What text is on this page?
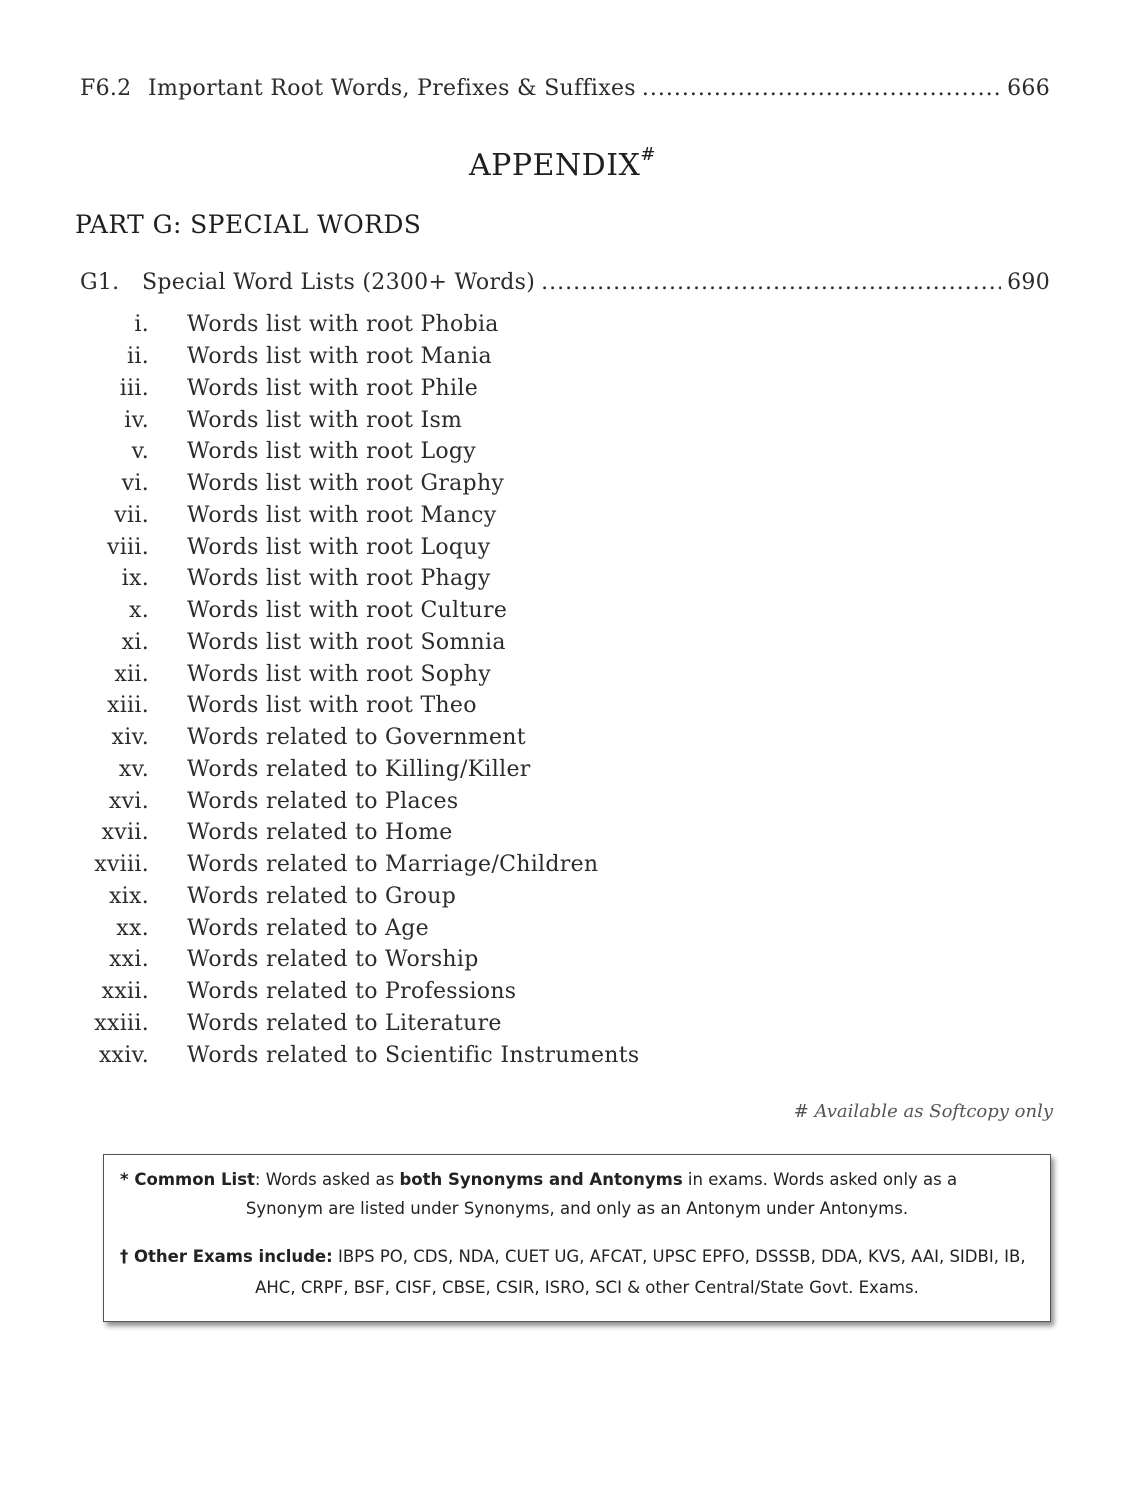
F6.2 Important Root Words, Prefixes & Suffixes .....	666
APPENDIX#
PART G: SPECIAL WORDS
G1.	Special Word Lists (2300+ Words) .....	690
i.	Words list with root Phobia
ii.	Words list with root Mania
iii.	Words list with root Phile
iv.	Words list with root Ism
v.	Words list with root Logy
vi.	Words list with root Graphy
vii.	Words list with root Mancy
viii.	Words list with root Loquy
ix.	Words list with root Phagy
x.	Words list with root Culture
xi.	Words list with root Somnia
xii.	Words list with root Sophy
xiii.	Words list with root Theo
xiv.	Words related to Government
xv.	Words related to Killing/Killer
xvi.	Words related to Places
xvii.	Words related to Home
xviii.	Words related to Marriage/Children
xix.	Words related to Group
xx.	Words related to Age
xxi.	Words related to Worship
xxii.	Words related to Professions
xxiii.	Words related to Literature
xxiv.	Words related to Scientific Instruments
# Available as Softcopy only

* Common List: Words asked as both Synonyms and Antonyms in exams. Words asked only as a
Synonym are listed under Synonyms, and only as an Antonym under Antonyms.

† Other Exams include: IBPS PO, CDS, NDA, CUET UG, AFCAT, UPSC EPFO, DSSSB, DDA, KVS, AAI, SIDBI, IB,
AHC, CRPF, BSF, CISF, CBSE, CSIR, ISRO, SCI & other Central/State Govt. Exams.
